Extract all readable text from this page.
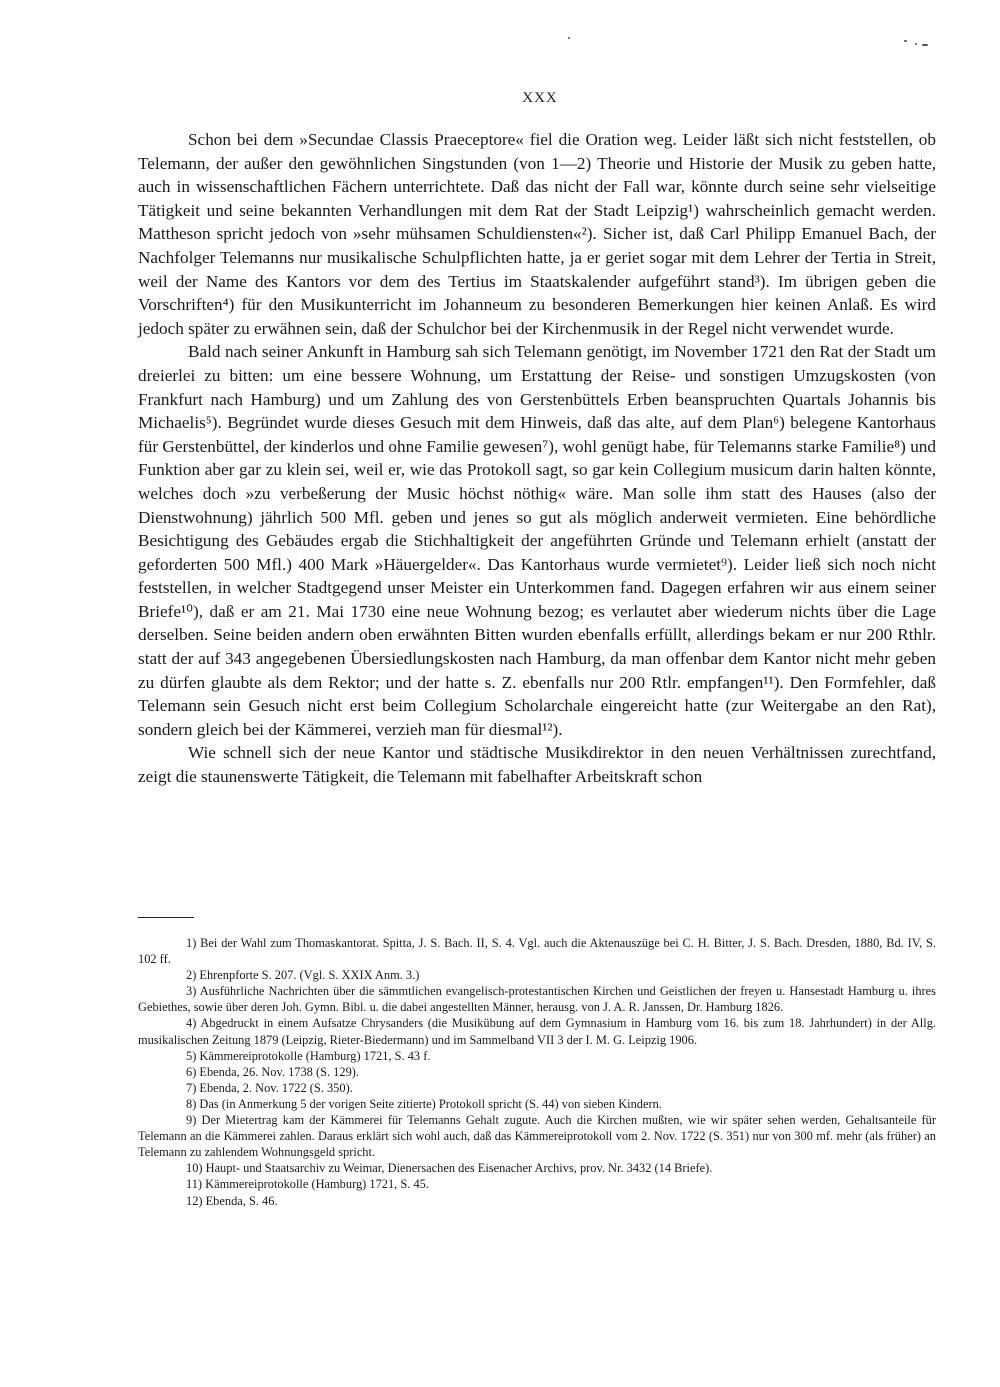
XXX

Schon bei dem »Secundae Classis Praeceptore« fiel die Oration weg. Leider läßt sich nicht feststellen, ob Telemann, der außer den gewöhnlichen Singstunden (von 1—2) Theorie und Historie der Musik zu geben hatte, auch in wissenschaftlichen Fächern unterrichtete. Daß das nicht der Fall war, könnte durch seine sehr vielseitige Tätigkeit und seine bekannten Verhandlungen mit dem Rat der Stadt Leipzig¹) wahrscheinlich gemacht werden. Mattheson spricht jedoch von »sehr mühsamen Schuldiensten«²). Sicher ist, daß Carl Philipp Emanuel Bach, der Nachfolger Telemanns nur musikalische Schulpflichten hatte, ja er geriet sogar mit dem Lehrer der Tertia in Streit, weil der Name des Kantors vor dem des Tertius im Staatskalender aufgeführt stand³). Im übrigen geben die Vorschriften⁴) für den Musikunterricht im Johanneum zu besonderen Bemerkungen hier keinen Anlaß. Es wird jedoch später zu erwähnen sein, daß der Schulchor bei der Kirchenmusik in der Regel nicht verwendet wurde.

Bald nach seiner Ankunft in Hamburg sah sich Telemann genötigt, im November 1721 den Rat der Stadt um dreierlei zu bitten: um eine bessere Wohnung, um Erstattung der Reise- und sonstigen Umzugskosten (von Frankfurt nach Hamburg) und um Zahlung des von Gerstenbüttels Erben beanspruchten Quartals Johannis bis Michaelis⁵). Begründet wurde dieses Gesuch mit dem Hinweis, daß das alte, auf dem Plan⁶) belegene Kantorhaus für Gerstenbüttel, der kinderlos und ohne Familie gewesen⁷), wohl genügt habe, für Telemanns starke Familie⁸) und Funktion aber gar zu klein sei, weil er, wie das Protokoll sagt, so gar kein Collegium musicum darin halten könnte, welches doch »zu verbeßerung der Music höchst nöthig« wäre. Man solle ihm statt des Hauses (also der Dienstwohnung) jährlich 500 Mfl. geben und jenes so gut als möglich anderweit vermieten. Eine behördliche Besichtigung des Gebäudes ergab die Stichhaltigkeit der angeführten Gründe und Telemann erhielt (anstatt der geforderten 500 Mfl.) 400 Mark »Häuergelder«. Das Kantorhaus wurde vermietet⁹). Leider ließ sich noch nicht feststellen, in welcher Stadtgegend unser Meister ein Unterkommen fand. Dagegen erfahren wir aus einem seiner Briefe¹⁰), daß er am 21. Mai 1730 eine neue Wohnung bezog; es verlautet aber wiederum nichts über die Lage derselben. Seine beiden andern oben erwähnten Bitten wurden ebenfalls erfüllt, allerdings bekam er nur 200 Rthlr. statt der auf 343 angegebenen Übersiedlungskosten nach Hamburg, da man offenbar dem Kantor nicht mehr geben zu dürfen glaubte als dem Rektor; und der hatte s. Z. ebenfalls nur 200 Rtlr. empfangen¹¹). Den Formfehler, daß Telemann sein Gesuch nicht erst beim Collegium Scholarchale eingereicht hatte (zur Weitergabe an den Rat), sondern gleich bei der Kämmerei, verzieh man für diesmal¹²).

Wie schnell sich der neue Kantor und städtische Musikdirektor in den neuen Verhältnissen zurechtfand, zeigt die staunenswerte Tätigkeit, die Telemann mit fabelhafter Arbeitskraft schon

1) Bei der Wahl zum Thomaskantorat. Spitta, J. S. Bach. II, S. 4. Vgl. auch die Aktenauszüge bei C. H. Bitter, J. S. Bach. Dresden, 1880, Bd. IV, S. 102 ff.

2) Ehrenpforte S. 207. (Vgl. S. XXIX Anm. 3.)

3) Ausführliche Nachrichten über die sämmtlichen evangelisch-protestantischen Kirchen und Geistlichen der freyen u. Hansestadt Hamburg u. ihres Gebiethes, sowie über deren Joh. Gymn. Bibl. u. die dabei angestellten Männer, herausg. von J. A. R. Janssen, Dr. Hamburg 1826.

4) Abgedruckt in einem Aufsatze Chrysanders (die Musikübung auf dem Gymnasium in Hamburg vom 16. bis zum 18. Jahrhundert) in der Allg. musikalischen Zeitung 1879 (Leipzig, Rieter-Biedermann) und im Sammelband VII 3 der I. M. G. Leipzig 1906.

5) Kämmereiprotokolle (Hamburg) 1721, S. 43 f.

6) Ebenda, 26. Nov. 1738 (S. 129).

7) Ebenda, 2. Nov. 1722 (S. 350).

8) Das (in Anmerkung 5 der vorigen Seite zitierte) Protokoll spricht (S. 44) von sieben Kindern.

9) Der Mietertrag kam der Kämmerei für Telemanns Gehalt zugute. Auch die Kirchen mußten, wie wir später sehen werden, Gehaltsanteile für Telemann an die Kämmerei zahlen. Daraus erklärt sich wohl auch, daß das Kämmereiprotokoll vom 2. Nov. 1722 (S. 351) nur von 300 mf. mehr (als früher) an Telemann zu zahlendem Wohnungsgeld spricht.

10) Haupt- und Staatsarchiv zu Weimar, Dienersachen des Eisenacher Archivs, prov. Nr. 3432 (14 Briefe).

11) Kämmereiprotokolle (Hamburg) 1721, S. 45.

12) Ebenda, S. 46.
